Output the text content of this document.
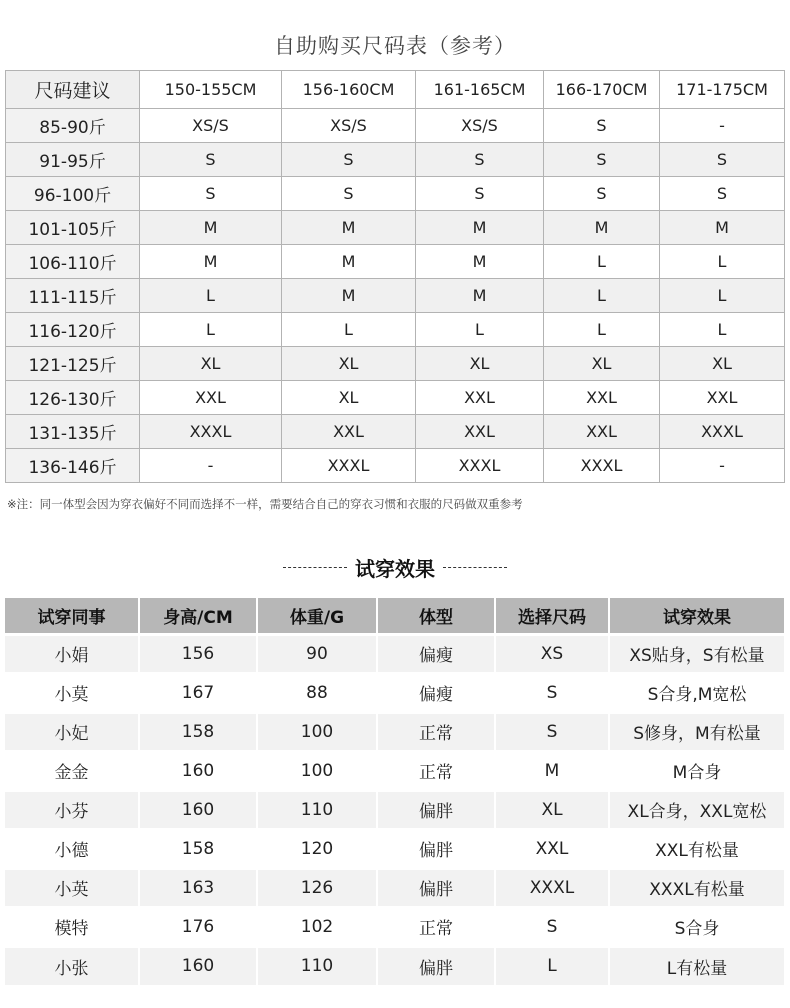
自助购买尺码表（参考）
尺码建议	150-155CM	156-160CM	161-165CM	166-170CM	171-175CM
85-90斤	XS/S	XS/S	XS/S	S	-
91-95斤	S	S	S	S	S
96-100斤	S	S	S	S	S
101-105斤	M	M	M	M	M
106-110斤	M	M	M	L	L
111-115斤	L	M	M	L	L
116-120斤	L	L	L	L	L
121-125斤	XL	XL	XL	XL	XL
126-130斤	XXL	XL	XXL	XXL	XXL
131-135斤	XXXL	XXL	XXL	XXL	XXXL
136-146斤	-	XXXL	XXXL	XXXL	-
※注：同一体型会因为穿衣偏好不同而选择不一样，需要结合自己的穿衣习惯和衣服的尺码做双重参考
试穿效果
试穿同事	身高/CM	体重/G	体型	选择尺码	试穿效果
小娟	156	90	偏瘦	XS	XS贴身，S有松量
小莫	167	88	偏瘦	S	S合身,M宽松
小妃	158	100	正常	S	S修身，M有松量
金金	160	100	正常	M	M合身
小芬	160	110	偏胖	XL	XL合身，XXL宽松
小德	158	120	偏胖	XXL	XXL有松量
小英	163	126	偏胖	XXXL	XXXL有松量
模特	176	102	正常	S	S合身
小张	160	110	偏胖	L	L有松量
